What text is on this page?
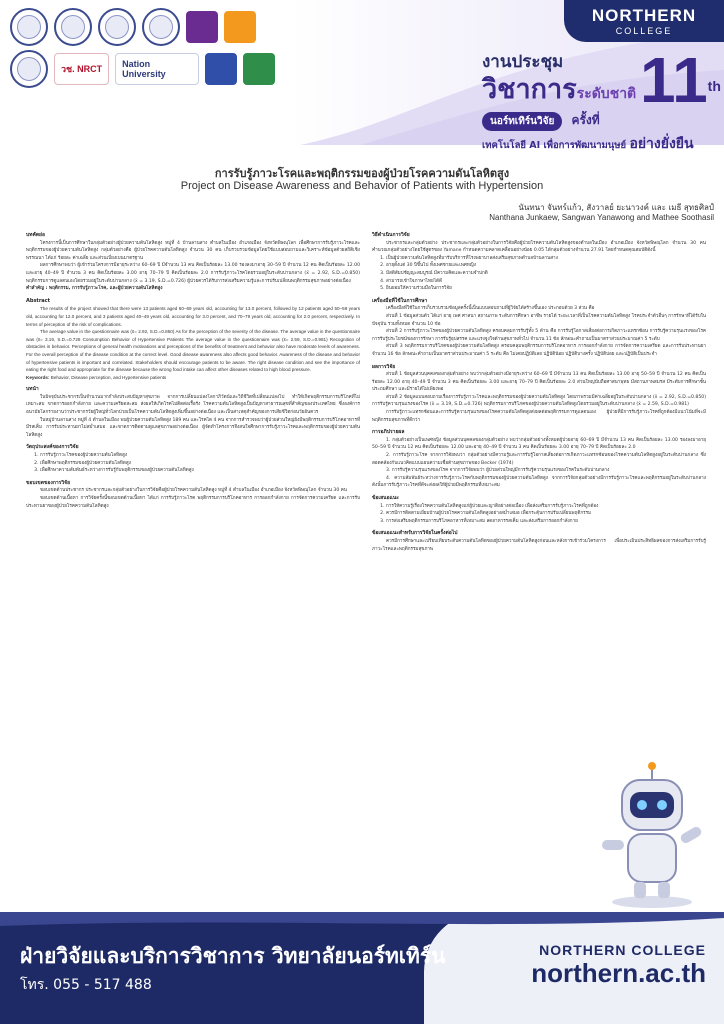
วช. NRCT	Nation University
NORTHERN
COLLEGE
งานประชุม
วิชาการระดับชาติ
นอร์ทเทิร์นวิจัย ครั้งที่
เทคโนโลยี AI เพื่อการพัฒนามนุษย์ อย่างยั่งยืน
11th
การรับรู้ภาวะโรคและพฤติกรรมของผู้ป่วยโรคความดันโลหิตสูง
Project on Disease Awareness and Behavior of Patients with Hypertension
นันทนา จันทร์แก้ว, สังวาลย์ ยะนาวงค์ และ เมธี สุทธศิลป์
Nanthana Junkaew, Sangwan Yanawong and Mathee Soothasil
บทคัดย่อ

โครงการนี้เป็นการศึกษาในกลุ่มตัวอย่างผู้ป่วยความดันโลหิตสูง หมู่ที่ 4 บ้านลานสาง ตำบลในเมือง อำเภอเมือง จังหวัดพิษณุโลก เพื่อศึกษาการรับรู้ภาวะโรคและพฤติกรรมของผู้ป่วยความดันโลหิตสูง กลุ่มตัวอย่างคือ ผู้ป่วยโรคความดันโลหิตสูง จำนวน 30 คน เก็บรวบรวมข้อมูลโดยใช้แบบสอบถามและวิเคราะห์ข้อมูลด้วยสถิติเชิงพรรณนา ได้แก่ ร้อยละ ค่าเฉลี่ย และส่วนเบี่ยงเบนมาตรฐาน

ผลการศึกษาพบว่า ผู้เข้าร่วมโครงการมีอายุระหว่าง 60–69 ปี มีจำนวน 13 คน คิดเป็นร้อยละ 13.00 รองลงมาอายุ 30–59 ปี จำนวน 12 คน คิดเป็นร้อยละ 12.00 และอายุ 40–49 ปี จำนวน 3 คน คิดเป็นร้อยละ 3.00 อายุ 70–79 ปี คิดเป็นร้อยละ 2.0 การรับรู้ภาวะโรคโดยรวมอยู่ในระดับปานกลาง (x̄ = 2.92, S.D.=0.850) พฤติกรรมการดูแลตนเองโดยรวมอยู่ในระดับปานกลาง (x̄ = 3.19, S.D.=0.726) ผู้ป่วยควรได้รับการส่งเสริมความรู้และการปรับเปลี่ยนพฤติกรรมสุขภาพอย่างต่อเนื่อง

คำสำคัญ : พฤติกรรม, การรับรู้ภาวะโรค, และผู้ป่วยความดันโลหิตสูง
Abstract

The results of the project showed that there were 13 patients aged 60–69 years old, accounting for 13.0 percent, followed by 12 patients aged 50–59 years old, accounting for 12.0 percent, and 3 patients aged 40–49 years old, accounting for 3.0 percent, and 70–79 years old, accounting for 2.0 percent, respectively. In terms of perception of the risk of complications.

The average value in the questionnaire was (x̄= 2.92, S.D.=0.850) As for the perception of the severity of the disease. The average value in the questionnaire was (x̄= 3.19, S.D.=0.726 Consumption Behavior of Hypertensive Patients The average value in the questionnaire was (x̄= 2.59, S.D.=0.981) Recognition of obstacles in behavior. Perceptions of general health motivations and perceptions of the benefits of treatment and behavior also have moderate levels of awareness. For the overall perception of the disease condition at the correct level. Good disease awareness also affects good behavior. Awareness of the disease and behavior of hypertensive patients is important and correlated. Stakeholders should encourage patients to be aware. The right disease condition and see the importance of eating the right food and appropriate for the disease because the wrong food intake can affect other diseases related to high blood pressure.

Keywords: Behavior, Disease perception, and Hypertensive patients
บทนำ

ในปัจจุบันประชากรเป็นจำนวนมากกำลังประสบปัญหาสุขภาพ จากการเปลี่ยนแปลงโลกาภิวัตน์และวิถีชีวิตที่เปลี่ยนแปลงไป ทำให้เกิดพฤติกรรมการบริโภคที่ไม่เหมาะสม ขาดการออกกำลังกาย และความเครียดสะสม ส่งผลให้เกิดโรคไม่ติดต่อเรื้อรัง โรคความดันโลหิตสูงเป็นปัญหาสาธารณสุขที่สำคัญของประเทศไทย ซึ่งองค์การอนามัยโลกรายงานว่าประชากรวัยผู้ใหญ่ทั่วโลกป่วยเป็นโรคความดันโลหิตสูงเพิ่มขึ้นอย่างต่อเนื่อง และเป็นสาเหตุสำคัญของการเสียชีวิตก่อนวัยอันควร

ในหมู่บ้านลานสาง หมู่ที่ 4 ตำบลในเมือง พบผู้ป่วยความดันโลหิตสูง 189 คน และโรคไต 4 คน จากการสำรวจพบว่าผู้ป่วยส่วนใหญ่ยังมีพฤติกรรมการบริโภคอาหารที่มีรสเค็ม การรับประทานยาไม่สม่ำเสมอ และขาดการติดตามดูแลสุขภาพอย่างต่อเนื่อง ผู้จัดทำโครงการจึงสนใจศึกษาการรับรู้ภาวะโรคและพฤติกรรมของผู้ป่วยความดันโลหิตสูง

วัตถุประสงค์ของการวิจัย
1. การรับรู้ภาวะโรคของผู้ป่วยความดันโลหิตสูง
2. เพื่อศึกษาพฤติกรรมของผู้ป่วยความดันโลหิตสูง
3. เพื่อศึกษาความสัมพันธ์ระหว่างการรับรู้กับพฤติกรรมของผู้ป่วยความดันโลหิตสูง
ขอบเขตของการวิจัย

ขอบเขตด้านประชากร ประชากรและกลุ่มตัวอย่างในการวิจัยคือผู้ป่วยโรคความดันโลหิตสูง หมู่ที่ 4 ตำบลในเมือง อำเภอเมือง จังหวัดพิษณุโลก จำนวน 30 คน

ขอบเขตด้านเนื้อหา การวิจัยครั้งนี้ขอบเขตด้านเนื้อหา ได้แก่ การรับรู้ภาวะโรค พฤติกรรมการบริโภคอาหาร การออกกำลังกาย การจัดการความเครียด และการรับประทานยาของผู้ป่วยโรคความดันโลหิตสูง

วิธีดำเนินการวิจัย

ประชากรและกลุ่มตัวอย่าง ประชากรและกลุ่มตัวอย่างในการวิจัยคือผู้ป่วยโรคความดันโลหิตสูงของตำบลในเมือง อำเภอเมือง จังหวัดพิษณุโลก จำนวน 30 คน คำนวณกลุ่มตัวอย่างโดยใช้สูตรของ Yamane กำหนดความคลาดเคลื่อนอย่างน้อย 0.05 ได้กลุ่มตัวอย่างจำนวน 27.91 โดยกำหนดคุณสมบัติดังนี้

1. เป็นผู้ป่วยความดันโลหิตสูงที่มารับบริการที่โรงพยาบาลส่งเสริมสุขภาพตำบลบ้านลานสาง
2. อายุตั้งแต่ 30 ปีขึ้นไป ทั้งเพศชายและเพศหญิง
3. มีสติสัมปชัญญะสมบูรณ์ มีความคิดและความจำปกติ
4. สามารถเข้าใจภาษาไทยได้ดี
5. ยินยอมให้ความร่วมมือในการวิจัย
เครื่องมือที่ใช้ในการศึกษา

เครื่องมือที่ใช้ในการเก็บรวบรวมข้อมูลครั้งนี้เป็นแบบสอบถามที่ผู้วิจัยได้สร้างขึ้นเอง ประกอบด้วย 3 ส่วน คือ

ส่วนที่ 1 ข้อมูลส่วนตัว ได้แก่ อายุ เพศ ศาสนา สถานภาพ ระดับการศึกษา อาชีพ รายได้ ระยะเวลาที่เป็นโรคความดันโลหิตสูง โรคประจำตัวอื่นๆ การรักษาที่ได้รับในปัจจุบัน รวมทั้งหมด จำนวน 10 ข้อ

ส่วนที่ 2 การรับรู้ภาวะโรคของผู้ป่วยความดันโลหิตสูง ครอบคลุมการรับรู้ทั้ง 5 ด้าน คือ การรับรู้โอกาสเสี่ยงต่อการเกิดภาวะแทรกซ้อน การรับรู้ความรุนแรงของโรค การรับรู้ประโยชน์ของการรักษา การรับรู้อุปสรรค และแรงจูงใจด้านสุขภาพทั่วไป จำนวน 11 ข้อ ลักษณะคำถามเป็นมาตราส่วนประมาณค่า 5 ระดับ

ส่วนที่ 3 พฤติกรรมการบริโภคของผู้ป่วยความดันโลหิตสูง ครอบคลุมพฤติกรรมการบริโภคอาหาร การออกกำลังกาย การจัดการความเครียด และการรับประทานยา จำนวน 16 ข้อ ลักษณะคำถามเป็นมาตราส่วนประมาณค่า 5 ระดับ คือ ไม่เคยปฏิบัติเลย ปฏิบัติน้อย ปฏิบัติบางครั้ง ปฏิบัติบ่อย และปฏิบัติเป็นประจำ

ผลการวิจัย

ส่วนที่ 1 ข้อมูลส่วนบุคคลของกลุ่มตัวอย่าง พบว่ากลุ่มตัวอย่างมีอายุระหว่าง 60–69 ปี มีจำนวน 13 คน คิดเป็นร้อยละ 13.00 อายุ 50–59 ปี จำนวน 12 คน คิดเป็นร้อยละ 12.00 อายุ 40–49 ปี จำนวน 3 คน คิดเป็นร้อยละ 3.00 และอายุ 70–79 ปี คิดเป็นร้อยละ 2.0 ส่วนใหญ่นับถือศาสนาพุทธ มีสถานภาพสมรส มีระดับการศึกษาชั้นประถมศึกษา และมีรายได้ไม่เพียงพอ

ส่วนที่ 2 ข้อมูลแบบสอบถามเรื่องการรับรู้ภาวะโรคและพฤติกรรมของผู้ป่วยความดันโลหิตสูง โดยภาพรวมมีค่าเฉลี่ยอยู่ในระดับปานกลาง (x̄ = 2.92, S.D.=0.850) การรับรู้ความรุนแรงของโรค (x̄ = 3.19, S.D.=0.726) พฤติกรรมการบริโภคของผู้ป่วยความดันโลหิตสูงโดยรวมอยู่ในระดับปานกลาง (x̄ = 2.59, S.D.=0.981)

การรับรู้ภาวะแทรกซ้อนและการรับรู้ความรุนแรงของโรคความดันโลหิตสูงส่งผลต่อพฤติกรรมการดูแลตนเอง ผู้ป่วยที่มีการรับรู้ภาวะโรคที่ถูกต้องมีแนวโน้มที่จะมีพฤติกรรมสุขภาพที่ดีกว่า

การอภิปรายผล

1. กลุ่มตัวอย่างเป็นเพศหญิง ข้อมูลส่วนบุคคลของกลุ่มตัวอย่าง พบว่ากลุ่มตัวอย่างทั้งหมดผู้ป่วยอายุ 60–69 ปี มีจำนวน 13 คน คิดเป็นร้อยละ 13.00 รองลงมาอายุ 50–59 ปี จำนวน 12 คน คิดเป็นร้อยละ 12.00 และอายุ 40–49 ปี จำนวน 3 คน คิดเป็นร้อยละ 3.00 อายุ 70–79 ปี คิดเป็นร้อยละ 2.0

2. การรับรู้ภาวะโรค จากการวิจัยพบว่า กลุ่มตัวอย่างมีความรู้และการรับรู้โอกาสเสี่ยงต่อการเกิดภาวะแทรกซ้อนของโรคความดันโลหิตสูงอยู่ในระดับปานกลาง ซึ่งสอดคล้องกับแนวคิดแบบแผนความเชื่อด้านสุขภาพของ Becker (1974)

3. การรับรู้ความรุนแรงของโรค จากการวิจัยพบว่า ผู้ป่วยส่วนใหญ่มีการรับรู้ความรุนแรงของโรคในระดับปานกลาง

4. ความสัมพันธ์ระหว่างการรับรู้ภาวะโรคกับพฤติกรรมของผู้ป่วยความดันโลหิตสูง จากการวิจัยกลุ่มตัวอย่างมีการรับรู้ภาวะโรคและพฤติกรรมอยู่ในระดับปานกลาง ดังนั้นการรับรู้ภาวะโรคที่ดีจะส่งผลให้ผู้ป่วยมีพฤติกรรมที่เหมาะสม

ข้อเสนอแนะ
1. การให้ความรู้เรื่องโรคความดันโลหิตสูงแก่ผู้ป่วยและญาติอย่างต่อเนื่อง เพื่อส่งเสริมการรับรู้ภาวะโรคที่ถูกต้อง
2. ควรมีการติดตามเยี่ยมบ้านผู้ป่วยโรคความดันโลหิตสูงอย่างสม่ำเสมอ เพื่อกระตุ้นการปรับเปลี่ยนพฤติกรรม
3. การส่งเสริมพฤติกรรมการบริโภคอาหารที่เหมาะสม ลดอาหารรสเค็ม และส่งเสริมการออกกำลังกาย
ข้อเสนอแนะสำหรับการวิจัยในครั้งต่อไป

ควรมีการศึกษาและเปรียบเทียบระดับความดันโลหิตของผู้ป่วยความดันโลหิตสูงก่อนและหลังการเข้าร่วมโครงการ เพื่อประเมินประสิทธิผลของการส่งเสริมการรับรู้ภาวะโรคและพฤติกรรมสุขภาพ

ฝ่ายวิจัยและบริการวิชาการ วิทยาลัยนอร์ทเทิร์น
โทร. 055 - 517 488
NORTHERN COLLEGE
northern.ac.th
